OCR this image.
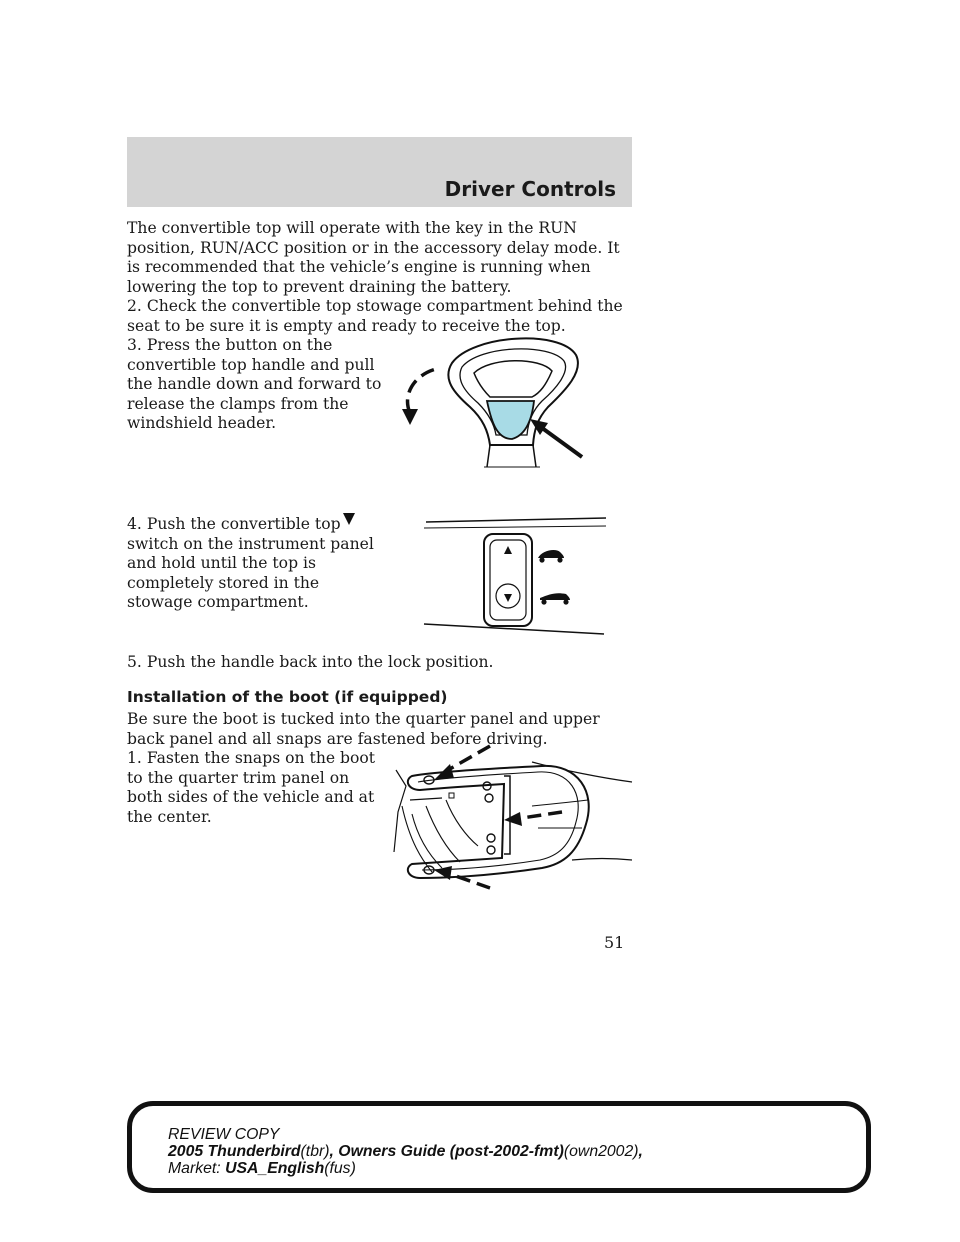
Driver Controls
The convertible top will operate with the key in the RUN position, RUN/ACC position or in the accessory delay mode. It is recommended that the vehicle’s engine is running when lowering the top to prevent draining the battery.
2. Check the convertible top stowage compartment behind the seat to be sure it is empty and ready to receive the top.
3. Press the button on the convertible top handle and pull the handle down and forward to release the clamps from the windshield header.
4. Push the convertible top
switch on the instrument panel and hold until the top is completely stored in the stowage compartment.
5. Push the handle back into the lock position.
Installation of the boot (if equipped)
Be sure the boot is tucked into the quarter panel and upper back panel and all snaps are fastened before driving.
1. Fasten the snaps on the boot to the quarter trim panel on both sides of the vehicle and at the center.
51
REVIEW COPY
2005 Thunderbird(tbr), Owners Guide (post-2002-fmt)(own2002),
Market: USA_English(fus)
